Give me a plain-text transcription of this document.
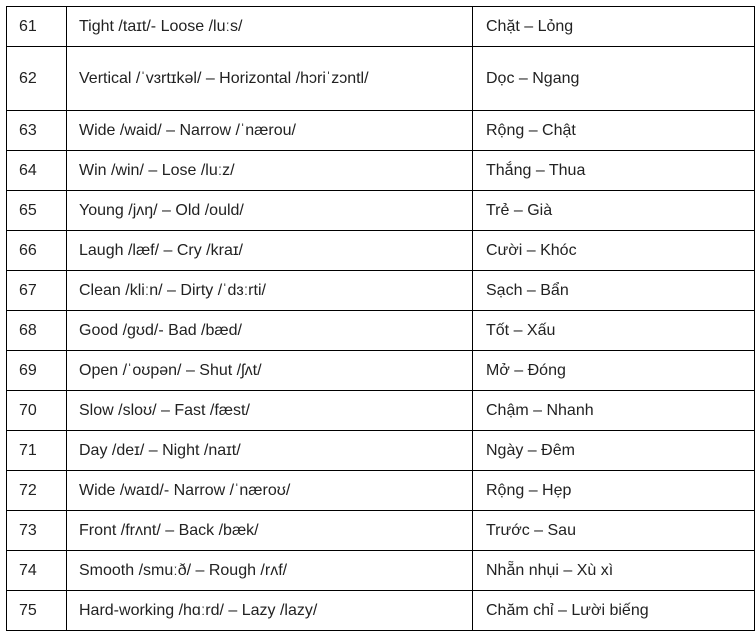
61	Tight /taɪt/- Loose /luːs/	Chặt – Lỏng
62	Vertical /ˈvɜrtɪkəl/ – Horizontal /hɔriˈzɔntl/	Dọc – Ngang
63	Wide /waid/ – Narrow /ˈnærou/	Rộng – Chật
64	Win /win/ – Lose /luːz/	Thắng – Thua
65	Young /jʌŋ/ – Old /ould/	Trẻ – Già
66	Laugh /læf/ – Cry /kraɪ/	Cười – Khóc
67	Clean /kliːn/ – Dirty /ˈdɜːrti/	Sạch – Bẩn
68	Good /gʊd/- Bad /bæd/	Tốt – Xấu
69	Open /ˈoʊpən/ – Shut /ʃʌt/	Mở – Đóng
70	Slow /sloʊ/ – Fast /fæst/	Chậm – Nhanh
71	Day /deɪ/ – Night /naɪt/	Ngày – Đêm
72	Wide /waɪd/- Narrow /ˈnæroʊ/	Rộng – Hẹp
73	Front /frʌnt/ – Back /bæk/	Trước – Sau
74	Smooth /smuːð/ – Rough /rʌf/	Nhẵn nhụi – Xù xì
75	Hard-working /hɑːrd/ – Lazy /lazy/	Chăm chỉ – Lười biếng
